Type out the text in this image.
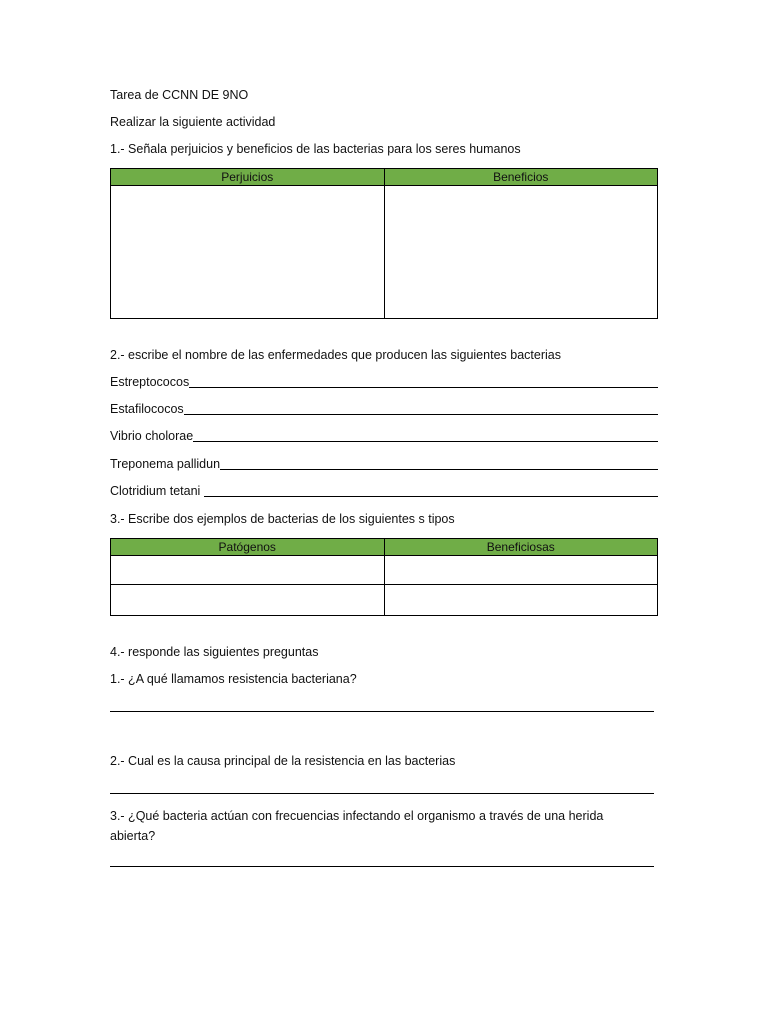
Tarea de CCNN DE 9NO
Realizar la siguiente actividad
1.- Señala perjuicios y beneficios de las bacterias para los seres humanos
Perjuicios	Beneficios

2.- escribe el nombre de las enfermedades que producen las siguientes bacterias
Estreptococos
Estafilococos
Vibrio cholorae
Treponema pallidun
Clotridium tetani
3.- Escribe dos ejemplos de bacterias de los siguientes s tipos
Patógenos	Beneficiosas

4.- responde las siguientes preguntas
1.- ¿A qué llamamos resistencia bacteriana?
2.- Cual es la causa principal de la resistencia en las bacterias
3.- ¿Qué bacteria actúan con frecuencias infectando el organismo a través de una herida
abierta?
